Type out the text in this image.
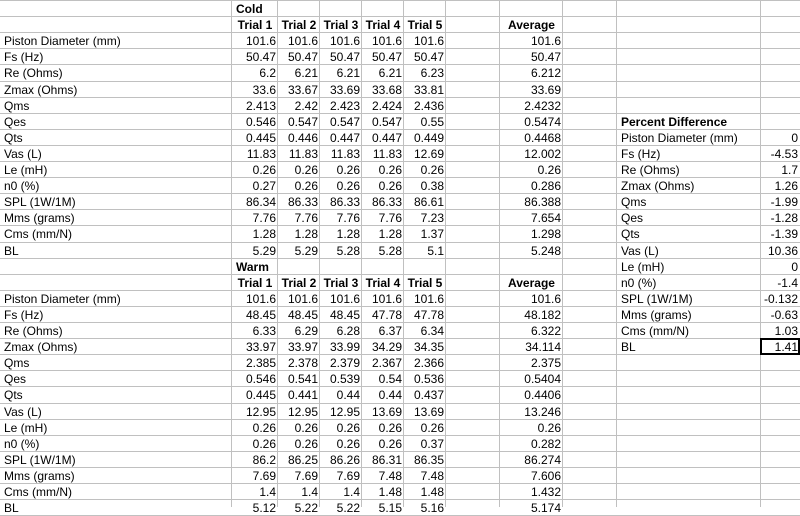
Cold
Trial 1 Trial 2 Trial 3 Trial 4 Trial 5	Average
Piston Diameter (mm)	101.6 101.6 101.6 101.6 101.6	101.6
Fs (Hz)	50.47 50.47 50.47 50.47 50.47	50.47
Re (Ohms)	6.2	6.21	6.21	6.21	6.23	6.212
Zmax (Ohms)	33.6 33.67 33.69 33.68 33.81	33.69
Qms	2.413	2.42 2.423 2.424 2.436	2.4232
Qes	0.546 0.547 0.547 0.547	0.55	0.5474
Qts	0.445 0.446 0.447 0.447 0.449	0.4468
Vas (L)	11.83	11.83	11.83	11.83 12.69	12.002
Le (mH)	0.26	0.26	0.26	0.26	0.26	0.26
n0 (%)	0.27	0.26	0.26	0.26	0.38	0.286
SPL (1W/1M)	86.34 86.33 86.33 86.33 86.61	86.388
Mms (grams)	7.76	7.76	7.76	7.76	7.23	7.654
Cms (mm/N)	1.28	1.28	1.28	1.28	1.37	1.298
BL	5.29	5.29	5.28	5.28	5.1	5.248
Warm
Trial 1 Trial 2 Trial 3 Trial 4 Trial 5	Average
Piston Diameter (mm)	101.6 101.6 101.6 101.6 101.6	101.6
Fs (Hz)	48.45 48.45 48.45 47.78 47.78	48.182
Re (Ohms)	6.33	6.29	6.28	6.37	6.34	6.322
Zmax (Ohms)	33.97 33.97 33.99 34.29 34.35	34.114
Qms	2.385 2.378 2.379 2.367 2.366	2.375
Qes	0.546 0.541 0.539	0.54 0.536	0.5404
Qts	0.445 0.441	0.44	0.44 0.437	0.4406
Vas (L)	12.95 12.95 12.95 13.69 13.69	13.246
Le (mH)	0.26	0.26	0.26	0.26	0.26	0.26
n0 (%)	0.26	0.26	0.26	0.26	0.37	0.282
SPL (1W/1M)	86.2 86.25 86.26 86.31 86.35	86.274
Mms (grams)	7.69	7.69	7.69	7.48	7.48	7.606
Cms (mm/N)	1.4	1.4	1.4	1.48	1.48	1.432
BL	5.12	5.22	5.22	5.15	5.16	5.174
Percent Difference
Piston Diameter (mm)	0
Fs (Hz)	-4.53
Re (Ohms)	1.7
Zmax (Ohms)	1.26
Qms	-1.99
Qes	-1.28
Qts	-1.39
Vas (L)	10.36
Le (mH)	0
n0 (%)	-1.4
SPL (1W/1M)	-0.132
Mms (grams)	-0.63
Cms (mm/N)	1.03
BL	1.41
